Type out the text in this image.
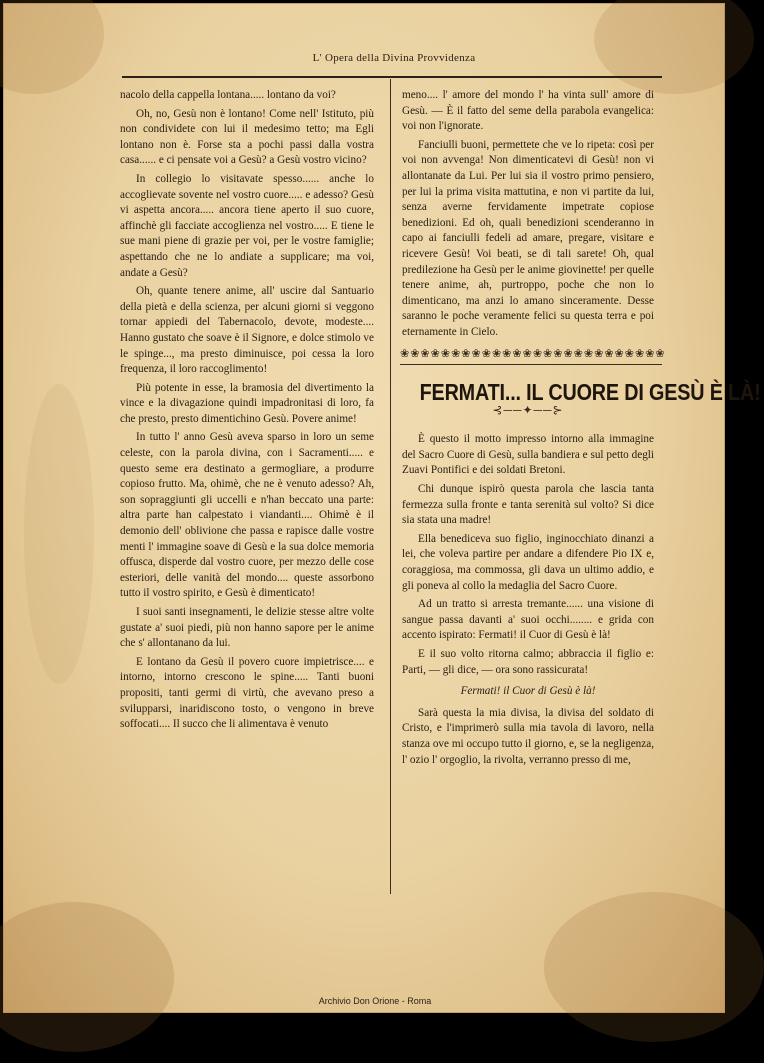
L' Opera della Divina Provvidenza

nacolo della cappella lontana..... lontano da voi?

Oh, no, Gesù non è lontano! Come nell' Istituto, più non condividete con lui il medesimo tetto; ma Egli lontano non è. Forse sta a pochi passi dalla vostra casa...... e ci pensate voi a Gesù? a Gesù vostro vicino?

In collegio lo visitavate spesso...... anche lo accoglievate sovente nel vostro cuore..... e adesso? Gesù vi aspetta ancora..... ancora tiene aperto il suo cuore, affinchè gli facciate accoglienza nel vostro..... E tiene le sue mani piene di grazie per voi, per le vostre famiglie; aspettando che ne lo andiate a supplicare; ma voi, andate a Gesù?

Oh, quante tenere anime, all' uscire dal Santuario della pietà e della scienza, per alcuni giorni si veggono tornar appiedi del Tabernacolo, devote, modeste.... Hanno gustato che soave è il Signore, e dolce stimolo ve le spinge..., ma presto diminuisce, poi cessa la loro frequenza, il loro raccoglimento!

Più potente in esse, la bramosia del divertimento la vince e la divagazione quindi impadronitasi di loro, fa che presto, presto dimentichino Gesù. Povere anime!

In tutto l' anno Gesù aveva sparso in loro un seme celeste, con la parola divina, con i Sacramenti..... e questo seme era destinato a germogliare, a produrre copioso frutto. Ma, ohimè, che ne è venuto adesso? Ah, son sopraggiunti gli uccelli e n'han beccato una parte: altra parte han calpestato i viandanti.... Ohimè è il demonio dell' oblivione che passa e rapisce dalle vostre menti l' immagine soave di Gesù e la sua dolce memoria offusca, disperde dal vostro cuore, per mezzo delle cose esteriori, delle vanità del mondo.... queste assorbono tutto il vostro spirito, e Gesù è dimenticato!

I suoi santi insegnamenti, le delizie stesse altre volte gustate a' suoi piedi, più non hanno sapore per le anime che s' allontanano da lui.

E lontano da Gesù il povero cuore impietrisce.... e intorno, intorno crescono le spine..... Tanti buoni propositi, tanti germi di virtù, che avevano preso a svilupparsi, inaridiscono tosto, o vengono in breve soffocati.... Il succo che li alimentava è venuto

meno.... l' amore del mondo l' ha vinta sull' amore di Gesù. — È il fatto del seme della parabola evangelica: voi non l'ignorate.

Fanciulli buoni, permettete che ve lo ripeta: così per voi non avvenga! Non dimenticatevi di Gesù! non vi allontanate da Lui. Per lui sia il vostro primo pensiero, per lui la prima visita mattutina, e non vi partite da lui, senza averne fervidamente impetrate copiose benedizioni. Ed oh, quali benedizioni scenderanno in capo ai fanciulli fedeli ad amare, pregare, visitare e ricevere Gesù! Voi beati, se di tali sarete! Oh, qual predilezione ha Gesù per le anime giovinette! per quelle tenere anime, ah, purtroppo, poche che non lo dimenticano, ma anzi lo amano sinceramente. Desse saranno le poche veramente felici su questa terra e poi eternamente in Cielo.

❀❀❀❀❀❀❀❀❀❀❀❀❀❀❀❀❀❀❀❀❀❀❀❀❀❀
FERMATI... IL CUORE DI GESÙ È LÀ!
⊰──✦──⊱

È questo il motto impresso intorno alla immagine del Sacro Cuore di Gesù, sulla bandiera e sul petto degli Zuavi Pontifici e dei soldati Bretoni.

Chi dunque ispirò questa parola che lascia tanta fermezza sulla fronte e tanta serenità sul volto? Si dice sia stata una madre!

Ella benediceva suo figlio, inginocchiato dinanzi a lei, che voleva partire per andare a difendere Pio IX e, coraggiosa, ma commossa, gli dava un ultimo addio, e gli poneva al collo la medaglia del Sacro Cuore.

Ad un tratto si arresta tremante...... una visione di sangue passa davanti a' suoi occhi........ e grida con accento ispirato: Fermati! il Cuor di Gesù è là!

E il suo volto ritorna calmo; abbraccia il figlio e: Parti, — gli dice, — ora sono rassicurata!

Fermati! il Cuor di Gesù è là!

Sarà questa la mia divisa, la divisa del soldato di Cristo, e l'imprimerò sulla mia tavola di lavoro, nella stanza ove mi occupo tutto il giorno, e, se la negligenza, l' ozio l' orgoglio, la rivolta, verranno presso di me,

Archivio Don Orione - Roma
